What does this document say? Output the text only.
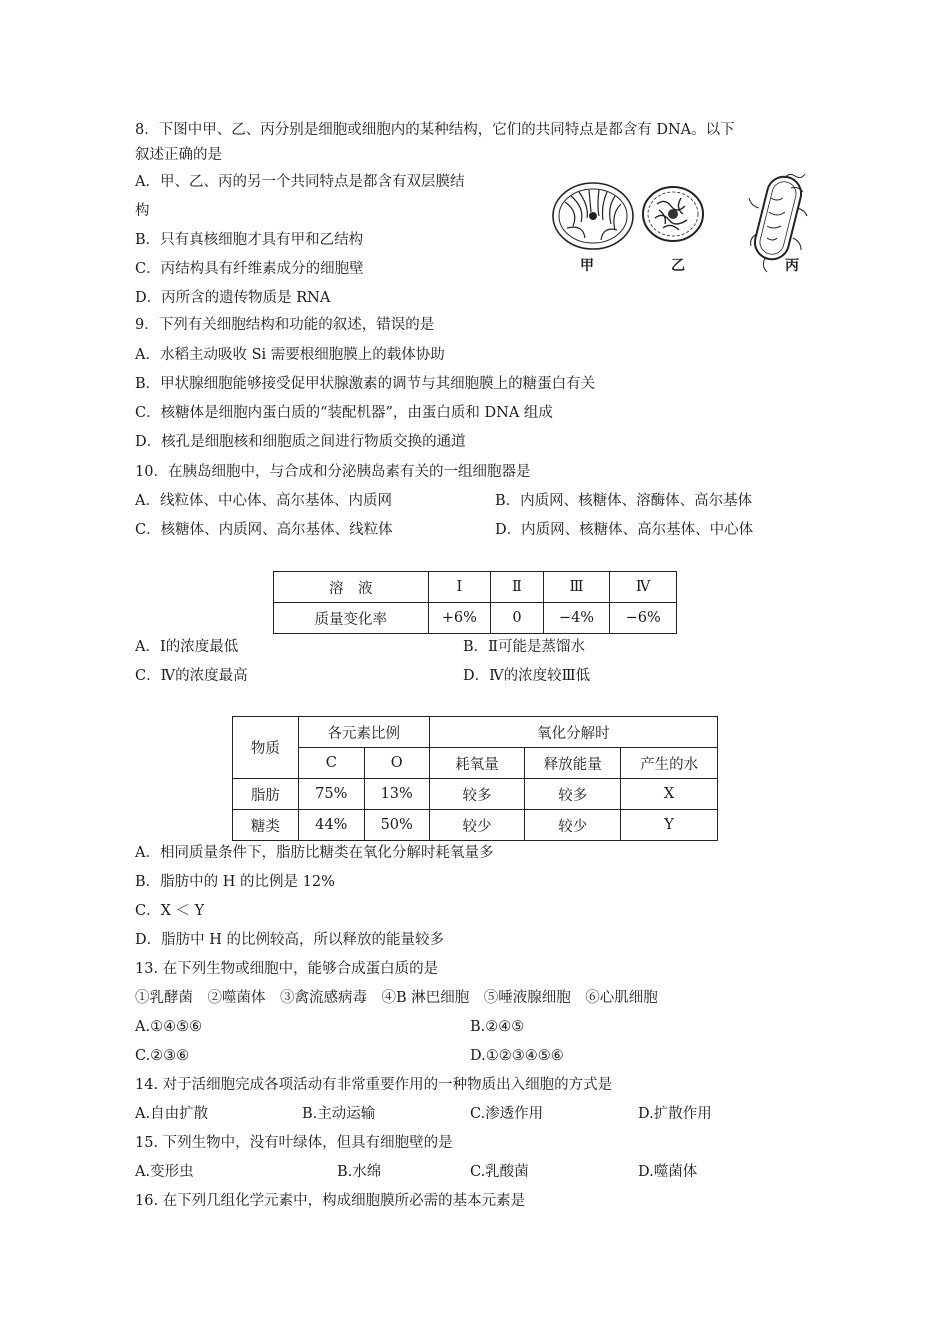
8．下图中甲、乙、丙分别是细胞或细胞内的某种结构，它们的共同特点是都含有 DNA。以下
叙述正确的是
A．甲、乙、丙的另一个共同特点是都含有双层膜结
构
B．只有真核细胞才具有甲和乙结构
C．丙结构具有纤维素成分的细胞壁
D．丙所含的遗传物质是 RNA
甲	乙	丙
9．下列有关细胞结构和功能的叙述，错误的是
A．水稻主动吸收 Si 需要根细胞膜上的载体协助
B．甲状腺细胞能够接受促甲状腺激素的调节与其细胞膜上的糖蛋白有关
C．核糖体是细胞内蛋白质的“装配机器”，由蛋白质和 DNA 组成
D．核孔是细胞核和细胞质之间进行物质交换的通道
10．在胰岛细胞中，与合成和分泌胰岛素有关的一组细胞器是
A．线粒体、中心体、高尔基体、内质网	B．内质网、核糖体、溶酶体、高尔基体
C．核糖体、内质网、高尔基体、线粒体	D．内质网、核糖体、高尔基体、中心体
溶　液	Ⅰ	Ⅱ	Ⅲ	Ⅳ
质量变化率	+6%	0	−4%	−6%
A．Ⅰ的浓度最低	B．Ⅱ可能是蒸馏水
C．Ⅳ的浓度最高	D．Ⅳ的浓度较Ⅲ低
物质	各元素比例		氧化分解时		
	C	O	耗氧量	释放能量	产生的水
脂肪	75%	13%	较多	较多	X
糖类	44%	50%	较少	较少	Y
A．相同质量条件下，脂肪比糖类在氧化分解时耗氧量多
B．脂肪中的 H 的比例是 12%
C．X ＜ Y
D．脂肪中 H 的比例较高，所以释放的能量较多
13. 在下列生物或细胞中，能够合成蛋白质的是
①乳酵菌　②噬菌体　③禽流感病毒　④B 淋巴细胞　⑤唾液腺细胞　⑥心肌细胞
A.①④⑤⑥	B.②④⑤
C.②③⑥	D.①②③④⑤⑥
14. 对于活细胞完成各项活动有非常重要作用的一种物质出入细胞的方式是
A.自由扩散	B.主动运输	C.渗透作用	D.扩散作用
15. 下列生物中，没有叶绿体，但具有细胞壁的是
A.变形虫	B.水绵	C.乳酸菌	D.噬菌体
16. 在下列几组化学元素中，构成细胞膜所必需的基本元素是
